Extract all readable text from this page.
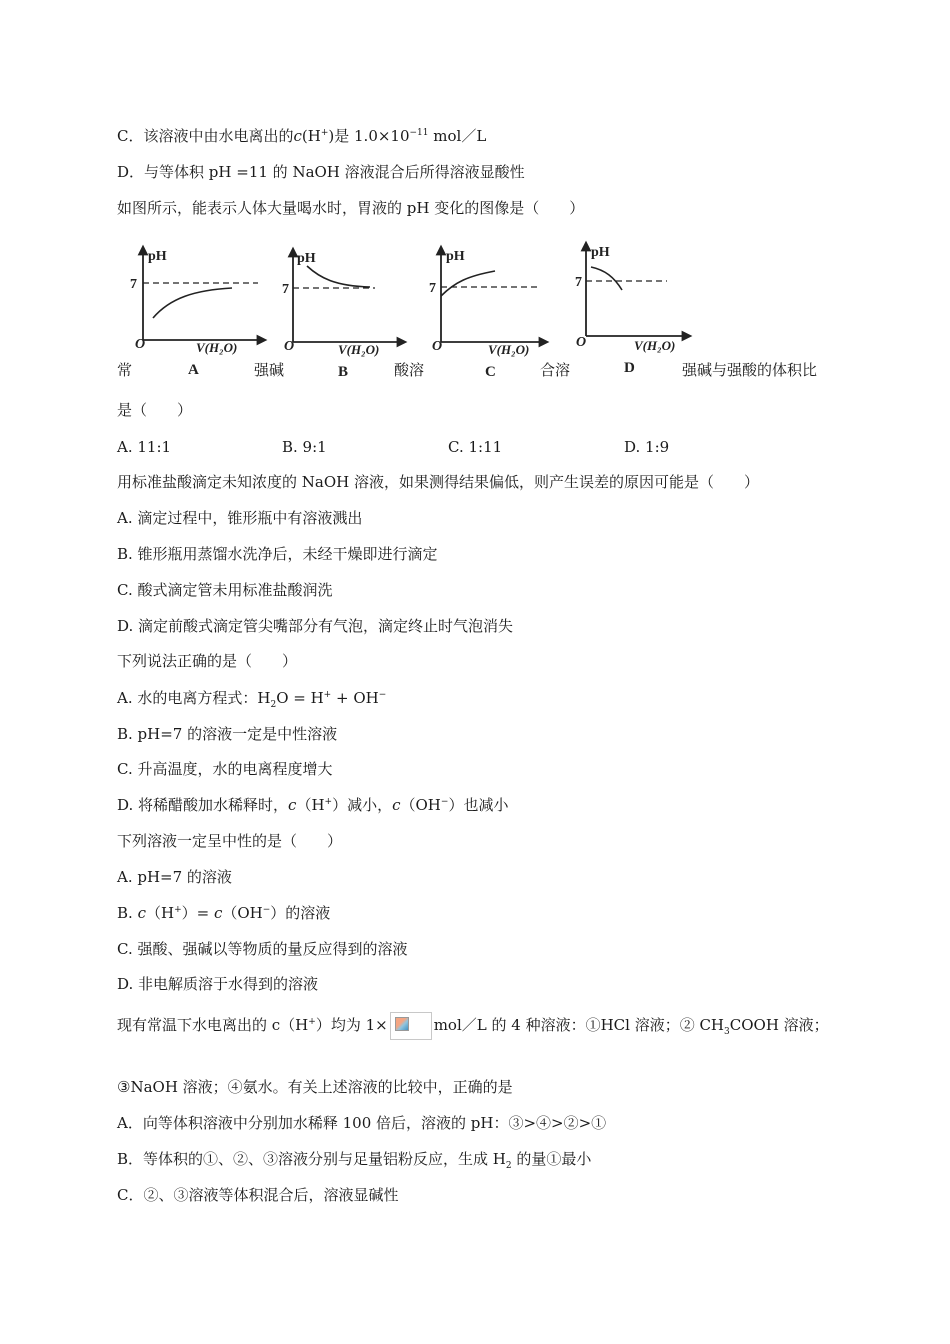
C．该溶液中由水电离出的c(H+)是 $1.0\times 10^{-11}$ mol／L
D．与等体积 pH =11 的 NaOH 溶液混合后所得溶液显酸性
如图所示，能表示人体大量喝水时，胃液的 pH 变化的图像是（　　）
pH
7
O	V(H₂O)
A
pH
7
O	V(H₂O)
B
pH
7
O	V(H₂O)
C
pH
7
O	V(H₂O)
D
常	强碱	酸溶	合溶	强碱与强酸的体积比
是（　　）
A. 11:1	B. 9:1	C. 1:11	D. 1:9
用标准盐酸滴定未知浓度的 NaOH 溶液，如果测得结果偏低，则产生误差的原因可能是（　　）
A. 滴定过程中，锥形瓶中有溶液溅出
B. 锥形瓶用蒸馏水洗净后，未经干燥即进行滴定
C. 酸式滴定管未用标准盐酸润洗
D. 滴定前酸式滴定管尖嘴部分有气泡，滴定终止时气泡消失
下列说法正确的是（　　）
A. 水的电离方程式：$H_2O = H^+ + OH^-$
B. pH=7 的溶液一定是中性溶液
C. 升高温度，水的电离程度增大
D. 将稀醋酸加水稀释时，c（H+）减小，c（OH−）也减小
下列溶液一定呈中性的是（　　）
A. pH=7 的溶液
B. c（H+）= c（OH−）的溶液
C. 强酸、强碱以等物质的量反应得到的溶液
D. 非电解质溶于水得到的溶液
现有常温下水电离出的 c（H+）均为 1×	mol／L 的 4 种溶液：①HCl 溶液；② $CH_3COOH$ 溶液；
③NaOH 溶液；④氨水。有关上述溶液的比较中，正确的是
A．向等体积溶液中分别加水稀释 100 倍后，溶液的 pH：③>④>②>①
B．等体积的①、②、③溶液分别与足量铝粉反应，生成 $H_2$ 的量①最小
C．②、③溶液等体积混合后，溶液显碱性
